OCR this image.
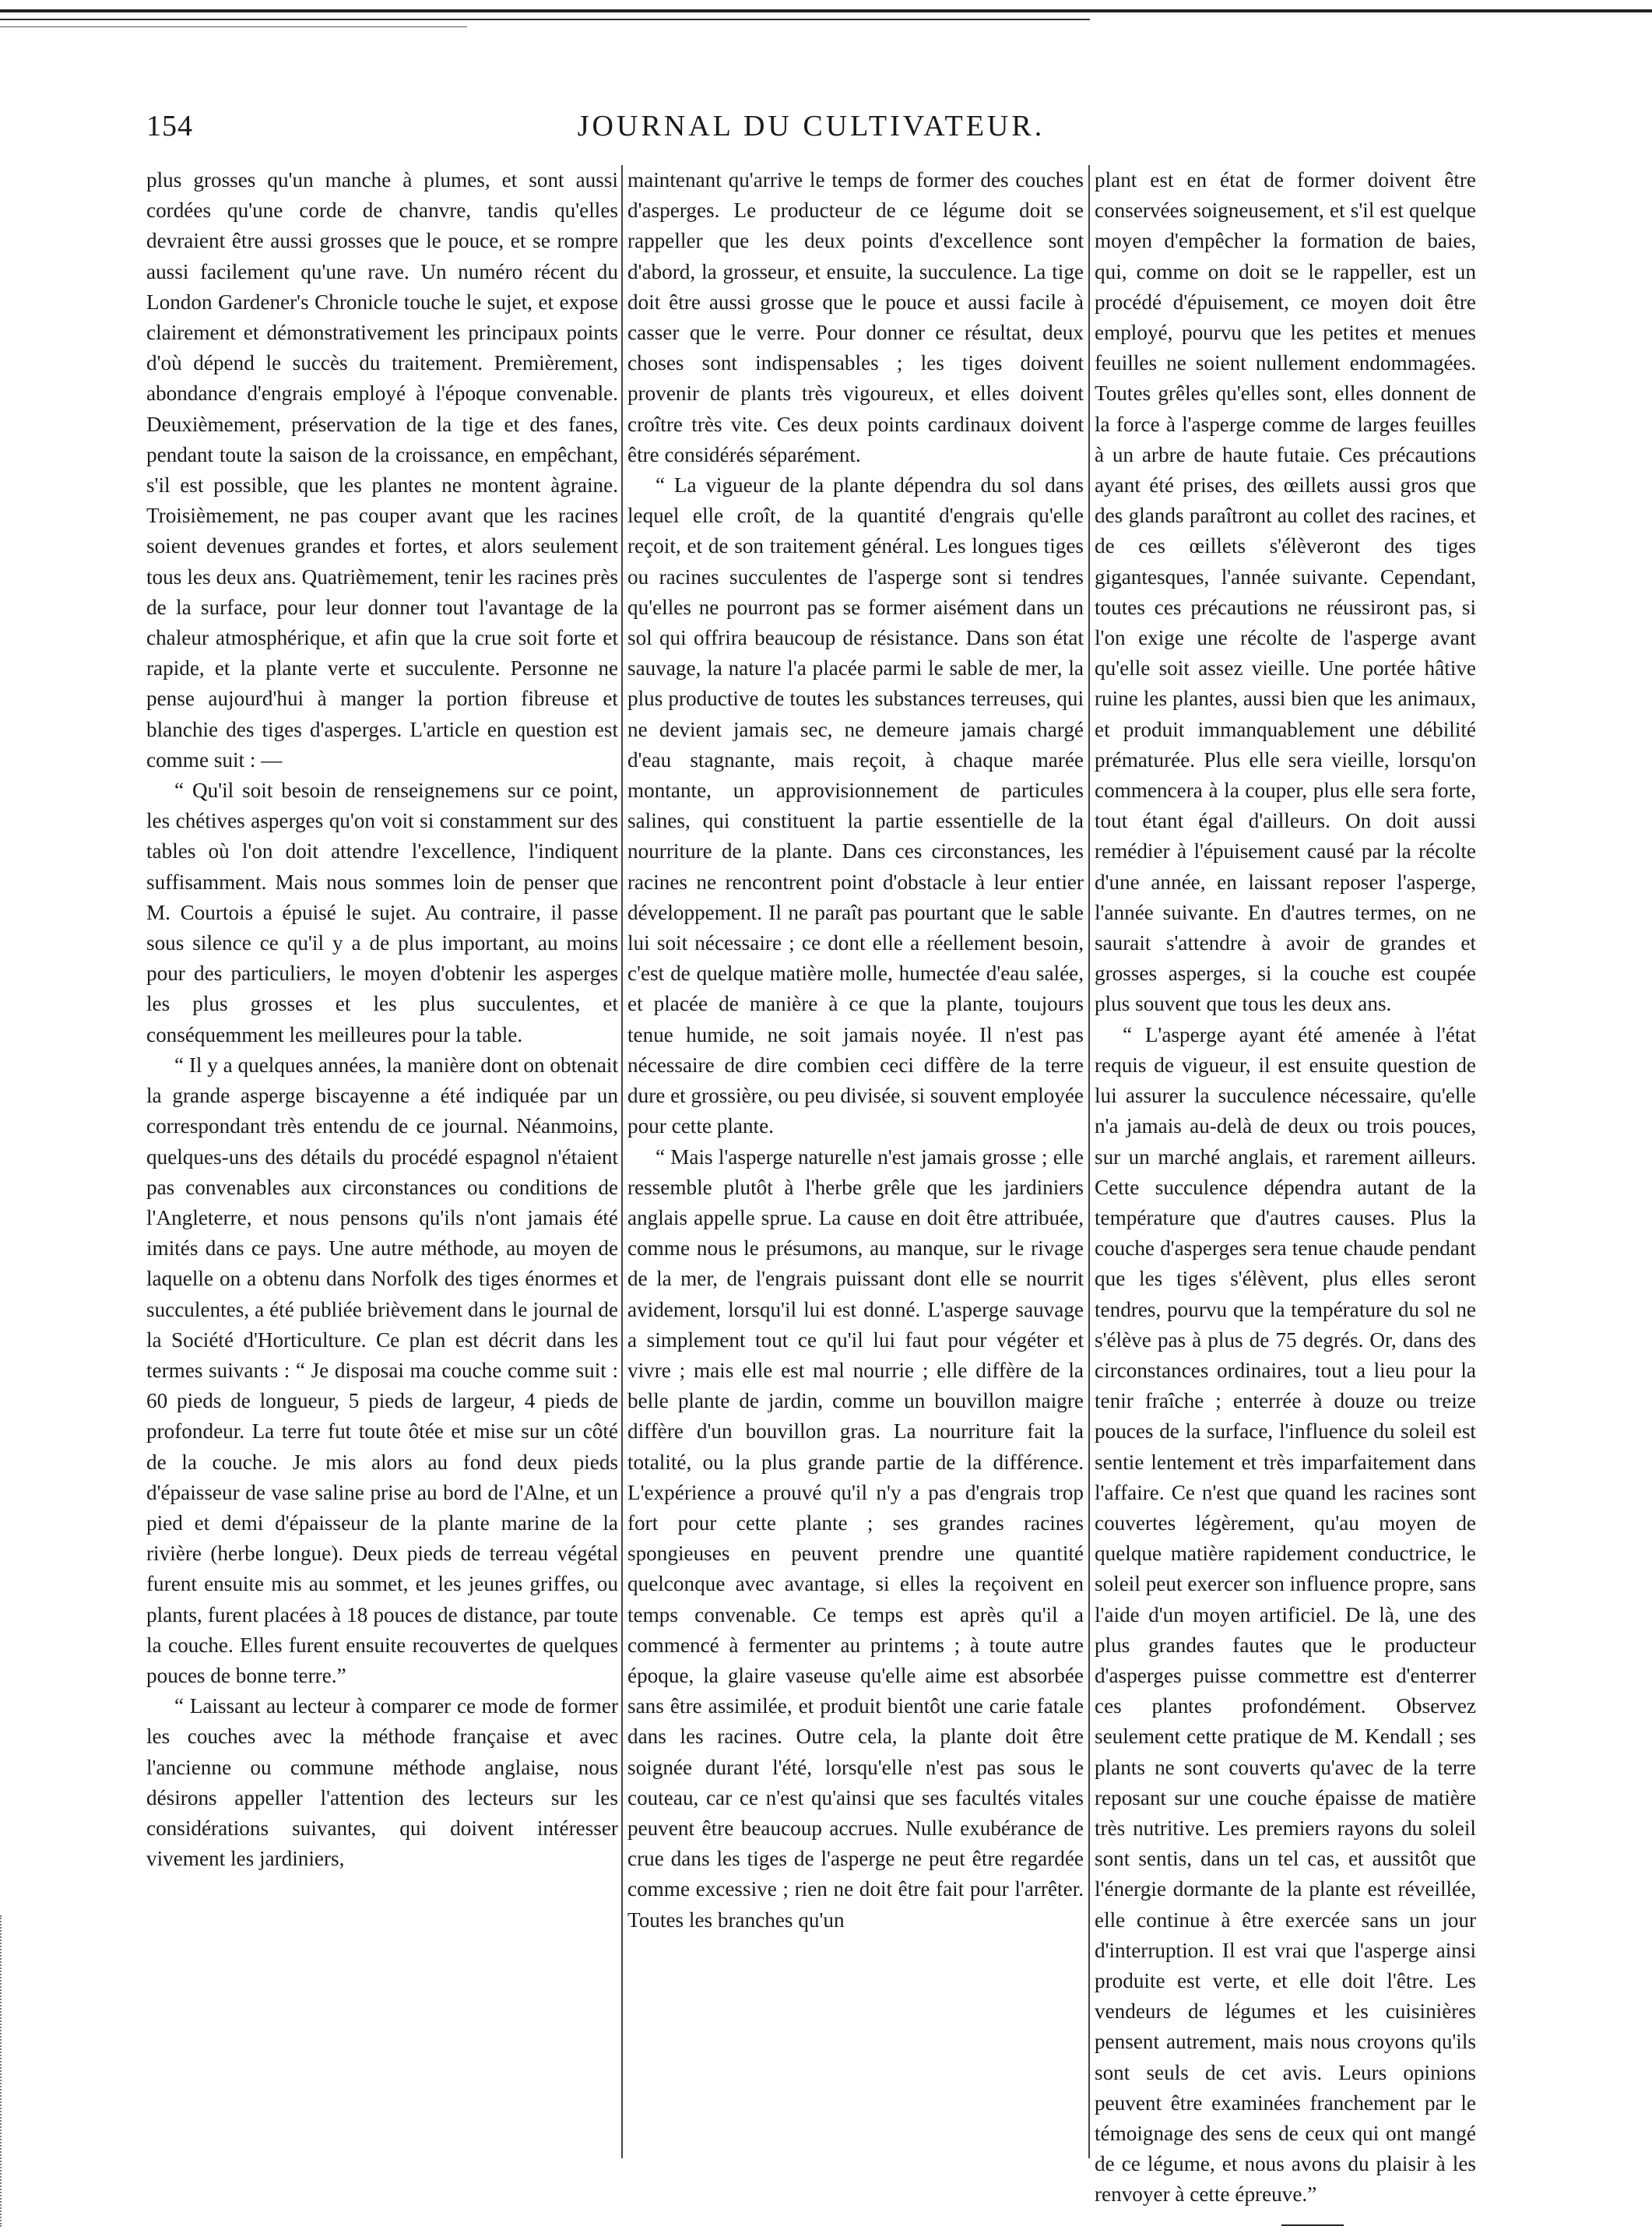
154	JOURNAL DU CULTIVATEUR.

plus grosses qu'un manche à plumes, et sont aussi cordées qu'une corde de chanvre, tandis qu'elles devraient être aussi grosses que le pouce, et se rompre aussi facilement qu'une rave. Un numéro récent du London Gardener's Chronicle touche le sujet, et expose clairement et démonstrativement les principaux points d'où dépend le succès du traitement. Premièrement, abondance d'engrais employé à l'époque convenable. Deuxièmement, préservation de la tige et des fanes, pendant toute la saison de la croissance, en empêchant, s'il est possible, que les plantes ne montent àgraine. Troisièmement, ne pas couper avant que les racines soient devenues grandes et fortes, et alors seulement tous les deux ans. Quatrièmement, tenir les racines près de la surface, pour leur donner tout l'avantage de la chaleur atmosphérique, et afin que la crue soit forte et rapide, et la plante verte et succulente. Personne ne pense aujourd'hui à manger la portion fibreuse et blanchie des tiges d'asperges. L'article en question est comme suit : —

“ Qu'il soit besoin de renseignemens sur ce point, les chétives asperges qu'on voit si constamment sur des tables où l'on doit attendre l'excellence, l'indiquent suffisamment. Mais nous sommes loin de penser que M. Courtois a épuisé le sujet. Au contraire, il passe sous silence ce qu'il y a de plus important, au moins pour des particuliers, le moyen d'obtenir les asperges les plus grosses et les plus succulentes, et conséquemment les meilleures pour la table.

“ Il y a quelques années, la manière dont on obtenait la grande asperge biscayenne a été indiquée par un correspondant très entendu de ce journal. Néanmoins, quelques-uns des détails du procédé espagnol n'étaient pas convenables aux circonstances ou conditions de l'Angleterre, et nous pensons qu'ils n'ont jamais été imités dans ce pays. Une autre méthode, au moyen de laquelle on a obtenu dans Norfolk des tiges énormes et succulentes, a été publiée brièvement dans le journal de la Société d'Horticulture. Ce plan est décrit dans les termes suivants : “ Je disposai ma couche comme suit : 60 pieds de longueur, 5 pieds de largeur, 4 pieds de profondeur. La terre fut toute ôtée et mise sur un côté de la couche. Je mis alors au fond deux pieds d'épaisseur de vase saline prise au bord de l'Alne, et un pied et demi d'épaisseur de la plante marine de la rivière (herbe longue). Deux pieds de terreau végétal furent ensuite mis au sommet, et les jeunes griffes, ou plants, furent placées à 18 pouces de distance, par toute la couche. Elles furent ensuite recouvertes de quelques pouces de bonne terre.”

“ Laissant au lecteur à comparer ce mode de former les couches avec la méthode française et avec l'ancienne ou commune méthode anglaise, nous désirons appeller l'attention des lecteurs sur les considérations suivantes, qui doivent intéresser vivement les jardiniers,

maintenant qu'arrive le temps de former des couches d'asperges. Le producteur de ce légume doit se rappeller que les deux points d'excellence sont d'abord, la grosseur, et ensuite, la succulence. La tige doit être aussi grosse que le pouce et aussi facile à casser que le verre. Pour donner ce résultat, deux choses sont indispensables ; les tiges doivent provenir de plants très vigoureux, et elles doivent croître très vite. Ces deux points cardinaux doivent être considérés séparément.

“ La vigueur de la plante dépendra du sol dans lequel elle croît, de la quantité d'engrais qu'elle reçoit, et de son traitement général. Les longues tiges ou racines succulentes de l'asperge sont si tendres qu'elles ne pourront pas se former aisément dans un sol qui offrira beaucoup de résistance. Dans son état sauvage, la nature l'a placée parmi le sable de mer, la plus productive de toutes les substances terreuses, qui ne devient jamais sec, ne demeure jamais chargé d'eau stagnante, mais reçoit, à chaque marée montante, un approvisionnement de particules salines, qui constituent la partie essentielle de la nourriture de la plante. Dans ces circonstances, les racines ne rencontrent point d'obstacle à leur entier développement. Il ne paraît pas pourtant que le sable lui soit nécessaire ; ce dont elle a réellement besoin, c'est de quelque matière molle, humectée d'eau salée, et placée de manière à ce que la plante, toujours tenue humide, ne soit jamais noyée. Il n'est pas nécessaire de dire combien ceci diffère de la terre dure et grossière, ou peu divisée, si souvent employée pour cette plante.

“ Mais l'asperge naturelle n'est jamais grosse ; elle ressemble plutôt à l'herbe grêle que les jardiniers anglais appelle sprue. La cause en doit être attribuée, comme nous le présumons, au manque, sur le rivage de la mer, de l'engrais puissant dont elle se nourrit avidement, lorsqu'il lui est donné. L'asperge sauvage a simplement tout ce qu'il lui faut pour végéter et vivre ; mais elle est mal nourrie ; elle diffère de la belle plante de jardin, comme un bouvillon maigre diffère d'un bouvillon gras. La nourriture fait la totalité, ou la plus grande partie de la différence. L'expérience a prouvé qu'il n'y a pas d'engrais trop fort pour cette plante ; ses grandes racines spongieuses en peuvent prendre une quantité quelconque avec avantage, si elles la reçoivent en temps convenable. Ce temps est après qu'il a commencé à fermenter au printems ; à toute autre époque, la glaire vaseuse qu'elle aime est absorbée sans être assimilée, et produit bientôt une carie fatale dans les racines. Outre cela, la plante doit être soignée durant l'été, lorsqu'elle n'est pas sous le couteau, car ce n'est qu'ainsi que ses facultés vitales peuvent être beaucoup accrues. Nulle exubérance de crue dans les tiges de l'asperge ne peut être regardée comme excessive ; rien ne doit être fait pour l'arrêter. Toutes les branches qu'un

plant est en état de former doivent être conservées soigneusement, et s'il est quelque moyen d'empêcher la formation de baies, qui, comme on doit se le rappeller, est un procédé d'épuisement, ce moyen doit être employé, pourvu que les petites et menues feuilles ne soient nullement endommagées. Toutes grêles qu'elles sont, elles donnent de la force à l'asperge comme de larges feuilles à un arbre de haute futaie. Ces précautions ayant été prises, des œillets aussi gros que des glands paraîtront au collet des racines, et de ces œillets s'élèveront des tiges gigantesques, l'année suivante. Cependant, toutes ces précautions ne réussiront pas, si l'on exige une récolte de l'asperge avant qu'elle soit assez vieille. Une portée hâtive ruine les plantes, aussi bien que les animaux, et produit immanquablement une débilité prématurée. Plus elle sera vieille, lorsqu'on commencera à la couper, plus elle sera forte, tout étant égal d'ailleurs. On doit aussi remédier à l'épuisement causé par la récolte d'une année, en laissant reposer l'asperge, l'année suivante. En d'autres termes, on ne saurait s'attendre à avoir de grandes et grosses asperges, si la couche est coupée plus souvent que tous les deux ans.

“ L'asperge ayant été amenée à l'état requis de vigueur, il est ensuite question de lui assurer la succulence nécessaire, qu'elle n'a jamais au-delà de deux ou trois pouces, sur un marché anglais, et rarement ailleurs. Cette succulence dépendra autant de la température que d'autres causes. Plus la couche d'asperges sera tenue chaude pendant que les tiges s'élèvent, plus elles seront tendres, pourvu que la température du sol ne s'élève pas à plus de 75 degrés. Or, dans des circonstances ordinaires, tout a lieu pour la tenir fraîche ; enterrée à douze ou treize pouces de la surface, l'influence du soleil est sentie lentement et très imparfaitement dans l'affaire. Ce n'est que quand les racines sont couvertes légèrement, qu'au moyen de quelque matière rapidement conductrice, le soleil peut exercer son influence propre, sans l'aide d'un moyen artificiel. De là, une des plus grandes fautes que le producteur d'asperges puisse commettre est d'enterrer ces plantes profondément. Observez seulement cette pratique de M. Kendall ; ses plants ne sont couverts qu'avec de la terre reposant sur une couche épaisse de matière très nutritive. Les premiers rayons du soleil sont sentis, dans un tel cas, et aussitôt que l'énergie dormante de la plante est réveillée, elle continue à être exercée sans un jour d'interruption. Il est vrai que l'asperge ainsi produite est verte, et elle doit l'être. Les vendeurs de légumes et les cuisinières pensent autrement, mais nous croyons qu'ils sont seuls de cet avis. Leurs opinions peuvent être examinées franchement par le témoignage des sens de ceux qui ont mangé de ce légume, et nous avons du plaisir à les renvoyer à cette épreuve.”
